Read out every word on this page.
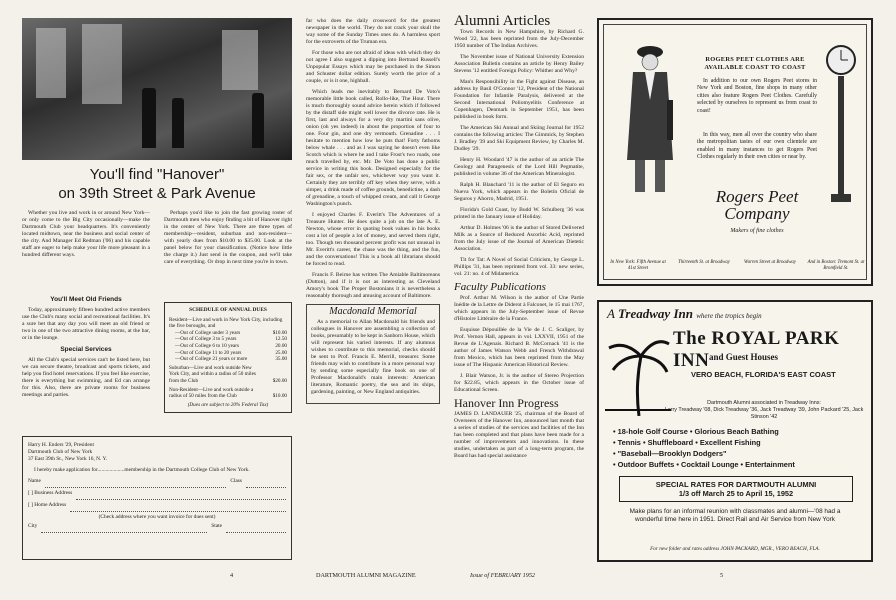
You'll find "Hanover"
on 39th Street & Park Avenue

Whether you live and work in or around New York—or only come to the Big City occasionally—make the Dartmouth Club your headquarters. It's conveniently located midtown, near the business and social center of the city. And Manager Ed Redman ('06) and his capable staff are eager to help make your life more pleasant in a hundred different ways.

Perhaps you'd like to join the fast growing roster of Dartmouth men who enjoy finding a bit of Hanover right in the center of New York. There are three types of membership—resident, suburban and non-resident—with yearly dues from $10.00 to $35.00. Look at the panel below for your classification. (Notice how little the charge it.) Just send in the coupon, and we'll take care of everything. Or drop in next time you're in town.

You'll Meet Old Friends

Today, approximately fifteen hundred active members use the Club's many social and recreational facilities. It's a sure bet that any day you will meet an old friend or two in one of the two attractive dining rooms, at the bar, or in the lounge.

Special Services

All the Club's special services can't be listed here, but we can secure theatre, broadcast and sports tickets, and help you find hotel reservations. If you feel like exercise, there is everything but swimming, and Ed can arrange for this. Also, there are private rooms for business meetings and parties.

SCHEDULE OF ANNUAL DUES
Resident—Live and work in New York City, including the five boroughs, and
—Out of College under 3 years	$10.00
—Out of College 3 to 5 years	12.50
—Out of College 6 to 10 years	20.00
—Out of College 11 to 20 years	25.00
—Out of College 21 years or more	35.00
Suburban—Live and work outside New York City, and within a radius of 50 miles from the Club	$20.00
Non-Resident—Live and work outside a radius of 50 miles from the Club	$10.00
(Dues are subject to 20% Federal Tax)
Harry H. Enders '29, President
Dartmouth Club of New York
37 East 39th St., New York 16, N. Y.
I hereby make application for....................membership in the Dartmouth College Club of New York.
Name	Class
[ ] Business Address
[ ] Home Address
(Check address where you want invoice for dues sent)
City	State
4

far who does the daily crossword for the greatest newspaper in the world. They do not crack your skull the way some of the Sunday Times ones do. A harmless sport for the extroverts of the Truman era.

For those who are not afraid of ideas with which they do not agree I also suggest a dipping into Bertrand Russell's Unpopular Essays which may be purchased in the Simon and Schuster dollar edition. Surely worth the price of a couple, or is it one, highball.

Which leads me inevitably to Bernard De Voto's memorable little book called, Rollo-like, The Hour. There is much thoroughly sound advice herein which if followed by the distaff side might well lower the divorce rate. He is first, last and always for a very dry martini sans olive, onion (oh yes indeed) in about the proportion of four to one. Four gin, and one dry vermouth. Grenadine . . . I hesitate to mention how low he puts that! Forty fathoms below whale . . . and as I was saying he doesn't even like Scotch which is where he and I take Frost's two roads, one much travelled by, etc. Mr. De Voto has done a public service in writing this book. Designed especially for the fair sex, or the unfair sex, whichever way you want it. Certainly they are terribly off key when they serve, with a simper, a drink made of coffee grounds, benedictine, a dash of grenadine, a touch of whipped cream, and call it George Washington's punch.

I enjoyed Charles F. Everitt's The Adventures of a Treasure Hunter. He does quite a job on the late A. E. Newton, whose error in quoting book values in his books cost a lot of people a lot of money, and served them right, too. Though ten thousand percent profit was not unusual in Mr. Everitt's career, the chase was the thing, and the fun, and the conversations! This is a book all librarians should be forced to read.

Francis F. Beirne has written The Amiable Baltimoreans (Dutton), and if it is not as interesting as Cleveland Amory's book The Proper Bostonians it is nevertheless a reasonably thorough and amusing account of Baltimore.

Macdonald Memorial

As a memorial to Allan Macdonald his friends and colleagues in Hanover are assembling a collection of books, presumably to be kept in Sanborn House, which will represent his varied interests. If any alumnus wishes to contribute to this memorial, checks should be sent to Prof. Francis E. Merrill, treasurer. Some friends may wish to contribute in a more personal way by sending some especially fine book on one of Professor Macdonald's main interests: American literature, Romantic poetry, the sea and its ships, gardening, painting, or New England antiquities.

DARTMOUTH ALUMNI MAGAZINE

Alumni Articles

Town Records in New Hampshire, by Richard G. Wood '22, has been reprinted from the July-December 1950 number of The Indian Archives.

The November issue of National University Extension Association Bulletin contains an article by Henry Bailey Stevens '12 entitled Foreign Policy: Whither and Why?

Man's Responsibility in the Fight against Disease, an address by Basil O'Connor '12, President of the National Foundation for Infantile Paralysis, delivered at the Second International Poliomyelitis Conference at Copenhagen, Denmark in September 1951, has been published in book form.

The American Ski Annual and Skiing Journal for 1952 contains the following articles: The Gimmick, by Stephen J. Bradley '39 and Ski Equipment Review, by Charles M. Dudley '29.

Henry H. Woodard '47 is the author of an article The Geology and Paragenesis of the Lord Hill Pegmatite, published in volume 36 of the American Mineralogist.

Ralph H. Blanchard '11 is the author of El Seguro en Nueva York, which appears in the Boletín Oficial de Seguros y Ahorro, Madrid, 1951.

Florida's Gold Coast, by Budd W. Schulberg '36 was printed in the January issue of Holiday.

Arthur D. Holmes '06 is the author of Stored Delivered Milk as a Source of Reduced Ascorbic Acid, reprinted from the July issue of the Journal of American Dietetic Association.

Tit for Tat: A Novel of Social Criticism, by George L. Phillips '31, has been reprinted from vol. 33: new series, vol. 21: no. 4 of Midamerica.

Faculty Publications

Prof. Arthur M. Wilson is the author of Une Partie Inédite de la Lettre de Diderot à Falconet, le 15 mai 1767, which appears in the July-September issue of Revue d'Histoire Littéraire de la France.

Esquisse Dépouillée de la Vie de J. C. Scaliger, by Prof. Vernon Hall, appears in vol. LXXVII, 1951 of the Revue de L'Agenais. Richard B. McCornack '41 is the author of James Watson Webb and French Withdrawal from Mexico, which has been reprinted from the May issue of The Hispanic American Historical Review.

J. Blair Watson, Jr. is the author of Stereo Projection for $22.85, which appears in the October issue of Educational Screen.

Hanover Inn Progress

JAMES D. LANDAUER '25, chairman of the Board of Overseers of the Hanover Inn, announced last month that a series of studies of the services and facilities of the Inn has been completed and that plans have been made for a number of improvements and innovations. In these studies, undertaken as part of a long-term program, the Board has had special assistance

Issue of FEBRUARY 1952	5
ROGERS PEET CLOTHES ARE AVAILABLE COAST TO COAST
In addition to our own Rogers Peet stores in New York and Boston, fine shops in many other cities also feature Rogers Peet Clothes. Carefully selected by ourselves to represent us from coast to coast!
In this way, men all over the country who share the metropolitan tastes of our own clientele are enabled in many instances to get Rogers Peet Clothes regularly in their own cities or near by.
Rogers Peet
Company
Makers of fine clothes
In New York: Fifth Avenue at 41st Street
Thirteenth St. at Broadway	Warren Street at Broadway	And in Boston: Tremont St. at Bromfield St.
A Treadway Inn where the tropics begin
The ROYAL PARK INN and Guest Houses
VERO BEACH, FLORIDA'S EAST COAST
Dartmouth Alumni associated in Treadway Inns:
Larry Treadway '08, Dick Treadway '36, Jack Treadway '39, John Packard '25, Jack Stinson '42
• 18-hole Golf Course • Glorious Beach Bathing
• Tennis • Shuffleboard • Excellent Fishing
• "Baseball—Brooklyn Dodgers"
• Outdoor Buffets • Cocktail Lounge • Entertainment
SPECIAL RATES FOR DARTMOUTH ALUMNI
1/3 off March 25 to April 15, 1952
Make plans for an informal reunion with classmates and alumni—'08 had a wonderful time here in 1951. Direct Rail and Air Service from New York
For new folder and rates address JOHN PACKARD, MGR., VERO BEACH, FLA.
